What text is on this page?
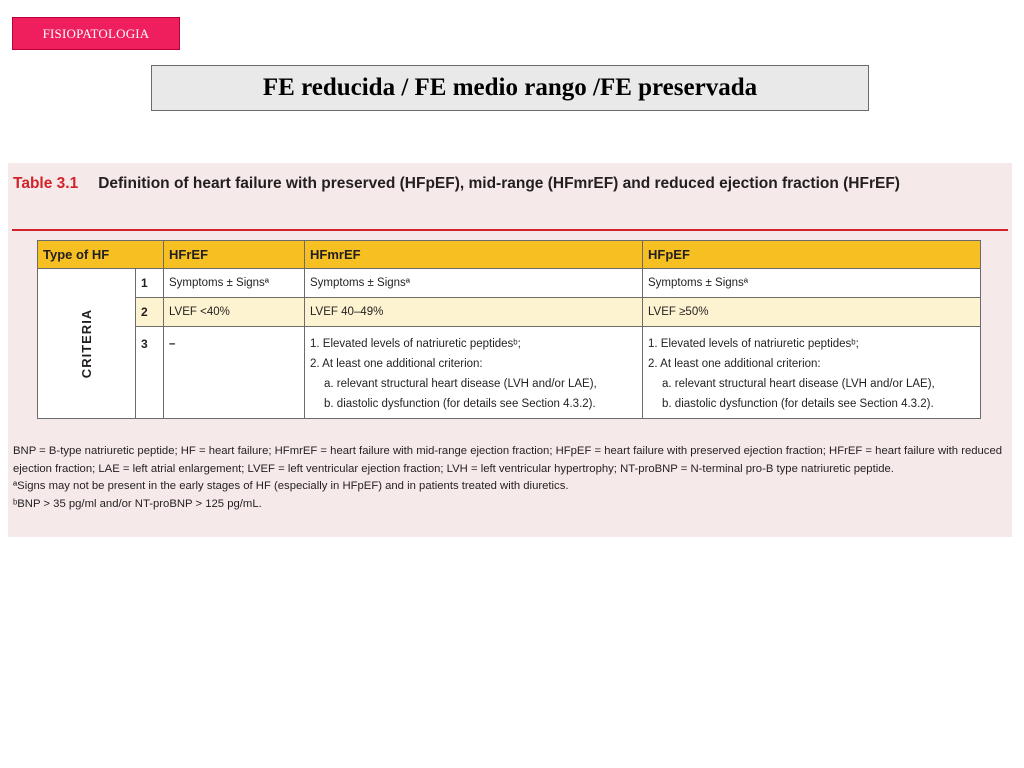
FISIOPATOLOGIA
FE reducida / FE medio rango /FE preservada
Table 3.1 Definition of heart failure with preserved (HFpEF), mid-range (HFmrEF) and reduced ejection fraction (HFrEF)
Type of HF		HFrEF	HFmrEF	HFpEF
CRITERIA	1	Symptoms ± Signsª	Symptoms ± Signsª	Symptoms ± Signsª
	2	LVEF <40%	LVEF 40–49%	LVEF ≥50%
	3	–	1. Elevated levels of natriuretic peptidesᵇ;
2. At least one additional criterion:
a. relevant structural heart disease (LVH and/or LAE),
b. diastolic dysfunction (for details see Section 4.3.2).	1. Elevated levels of natriuretic peptidesᵇ;
2. At least one additional criterion:
a. relevant structural heart disease (LVH and/or LAE),
b. diastolic dysfunction (for details see Section 4.3.2).
BNP = B-type natriuretic peptide; HF = heart failure; HFmrEF = heart failure with mid-range ejection fraction; HFpEF = heart failure with preserved ejection fraction; HFrEF = heart failure with reduced ejection fraction; LAE = left atrial enlargement; LVEF = left ventricular ejection fraction; LVH = left ventricular hypertrophy; NT-proBNP = N-terminal pro-B type natriuretic peptide.
ªSigns may not be present in the early stages of HF (especially in HFpEF) and in patients treated with diuretics.
ᵇBNP > 35 pg/ml and/or NT-proBNP > 125 pg/mL.
